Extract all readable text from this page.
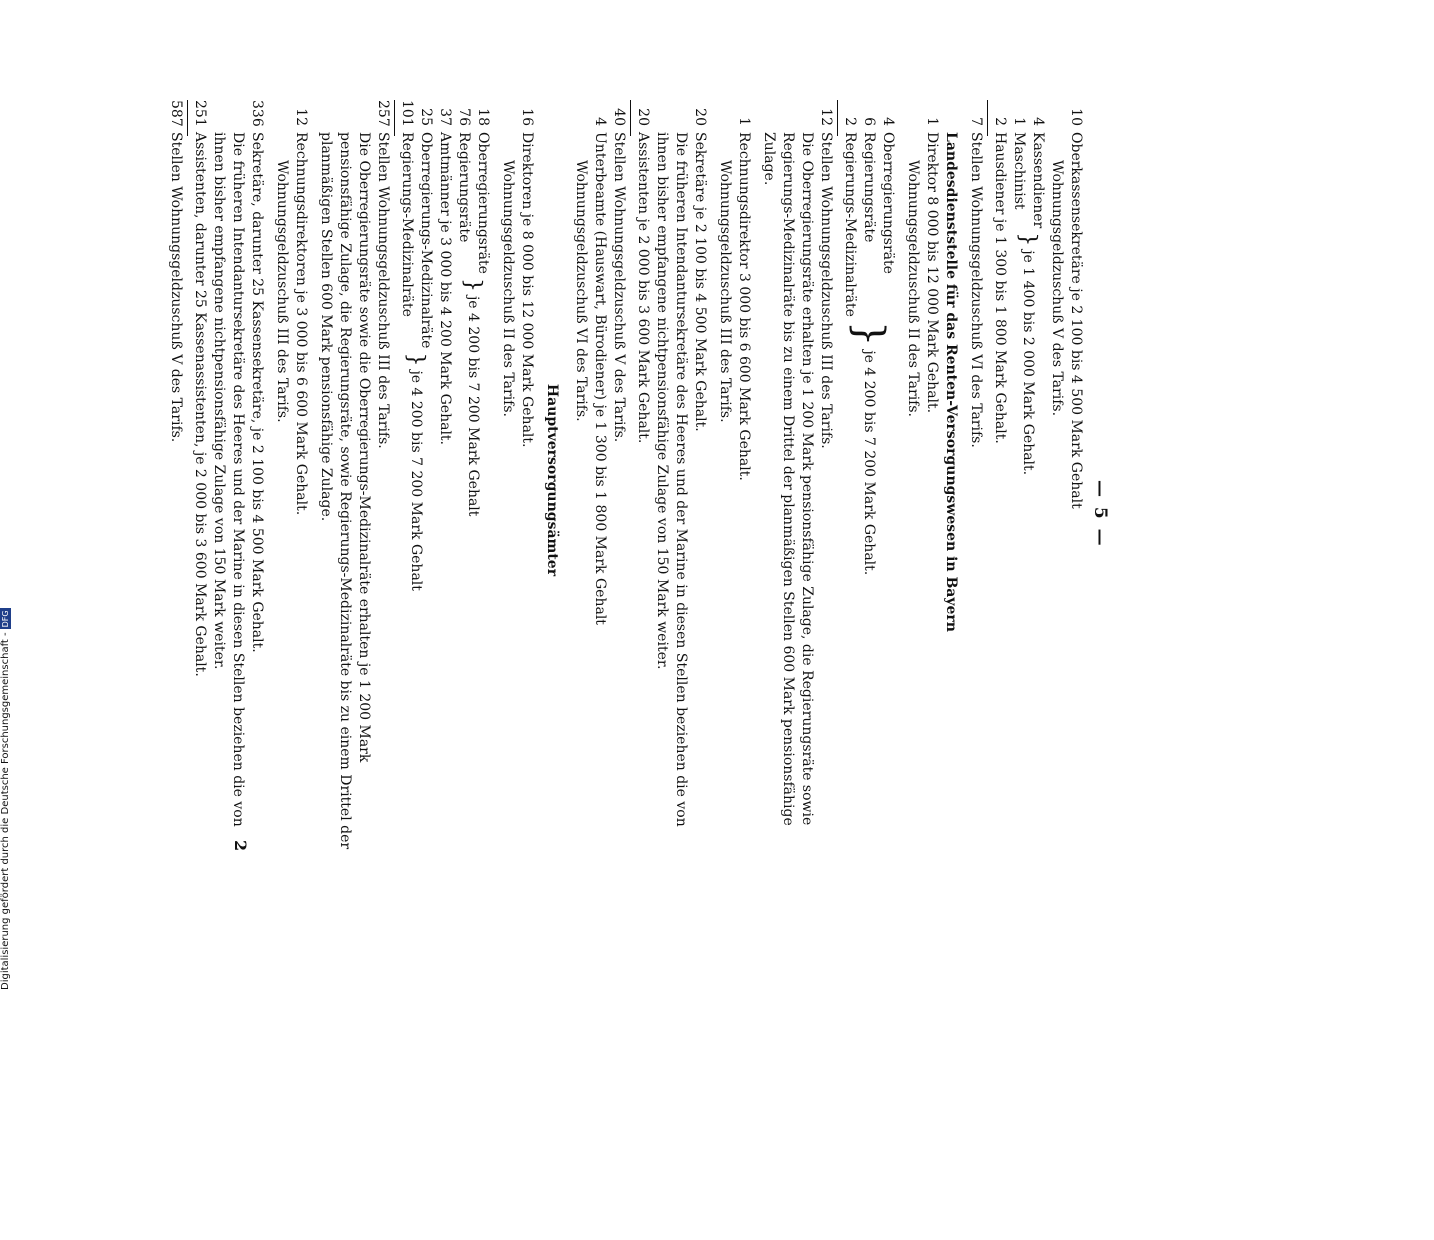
— 5 —
10
Oberkassensekretäre je 2 100 bis 4 500 Mark Gehalt
Wohnungsgeldzuschuß V des Tarifs.
4
Kassendiener
1
Maschinist
}
je 1 400 bis 2 000 Mark Gehalt.
2
Hausdiener je 1 300 bis 1 800 Mark Gehalt.
7
Stellen Wohnungsgeldzuschuß VI des Tarifs.
Landesdienststelle für das Renten-Versorgungswesen in Bayern
1
Direktor 8 000 bis 12 000 Mark Gehalt.
Wohnungsgeldzuschuß II des Tarifs.
4
Oberregierungsräte
6
Regierungsräte
2
Regierungs-Medizinalräte
}
je 4 200 bis 7 200 Mark Gehalt.
12
Stellen Wohnungsgeldzuschuß III des Tarifs.
Die Oberregierungsräte erhalten je 1 200 Mark pensionsfähige Zulage, die Regierungsräte sowie Regierungs-Medizinalräte bis zu einem Drittel der planmäßigen Stellen 600 Mark pensionsfähige Zulage.
1
Rechnungsdirektor 3 000 bis 6 600 Mark Gehalt.
Wohnungsgeldzuschuß III des Tarifs.
20
Sekretäre je 2 100 bis 4 500 Mark Gehalt.
Die früheren Intendantursekretäre des Heeres und der Marine in diesen Stellen beziehen die von ihnen bisher empfangene nichtpensionsfähige Zulage von 150 Mark weiter.
20
Assistenten je 2 000 bis 3 600 Mark Gehalt.
40
Stellen Wohnungsgeldzuschuß V des Tarifs.
4
Unterbeamte (Hauswart, Bürodiener) je 1 300 bis 1 800 Mark Gehalt
Wohnungsgeldzuschuß VI des Tarifs.
Hauptversorgungsämter
16
Direktoren je 8 000 bis 12 000 Mark Gehalt.
Wohnungsgeldzuschuß II des Tarifs.
18
Oberregierungsräte
76
Regierungsräte
}
je 4 200 bis 7 200 Mark Gehalt
37
Amtmänner je 3 000 bis 4 200 Mark Gehalt.
25
Oberregierungs-Medizinalräte
101
Regierungs-Medizinalräte
}
je 4 200 bis 7 200 Mark Gehalt
257
Stellen Wohnungsgeldzuschuß III des Tarifs.
Die Oberregierungsräte sowie die Oberregierungs-Medizinalräte erhalten je 1 200 Mark pensionsfähige Zulage, die Regierungsräte, sowie Regierungs-Medizinalräte bis zu einem Drittel der planmäßigen Stellen 600 Mark pensionsfähige Zulage.
12
Rechnungsdirektoren je 3 000 bis 6 600 Mark Gehalt.
Wohnungsgeldzuschuß III des Tarifs.
336
Sekretäre, darunter 25 Kassensekretäre, je 2 100 bis 4 500 Mark Gehalt.
Die früheren Intendantursekretäre des Heeres und der Marine in diesen Stellen beziehen die von ihnen bisher empfangene nichtpensionsfähige Zulage von 150 Mark weiter.
251
Assistenten, darunter 25 Kassenassistenten, je 2 000 bis 3 600 Mark Gehalt.
587
Stellen Wohnungsgeldzuschuß V des Tarifs.
2
Digitalisierung gefördert durch die Deutsche Forschungsgemeinschaft -DFG
